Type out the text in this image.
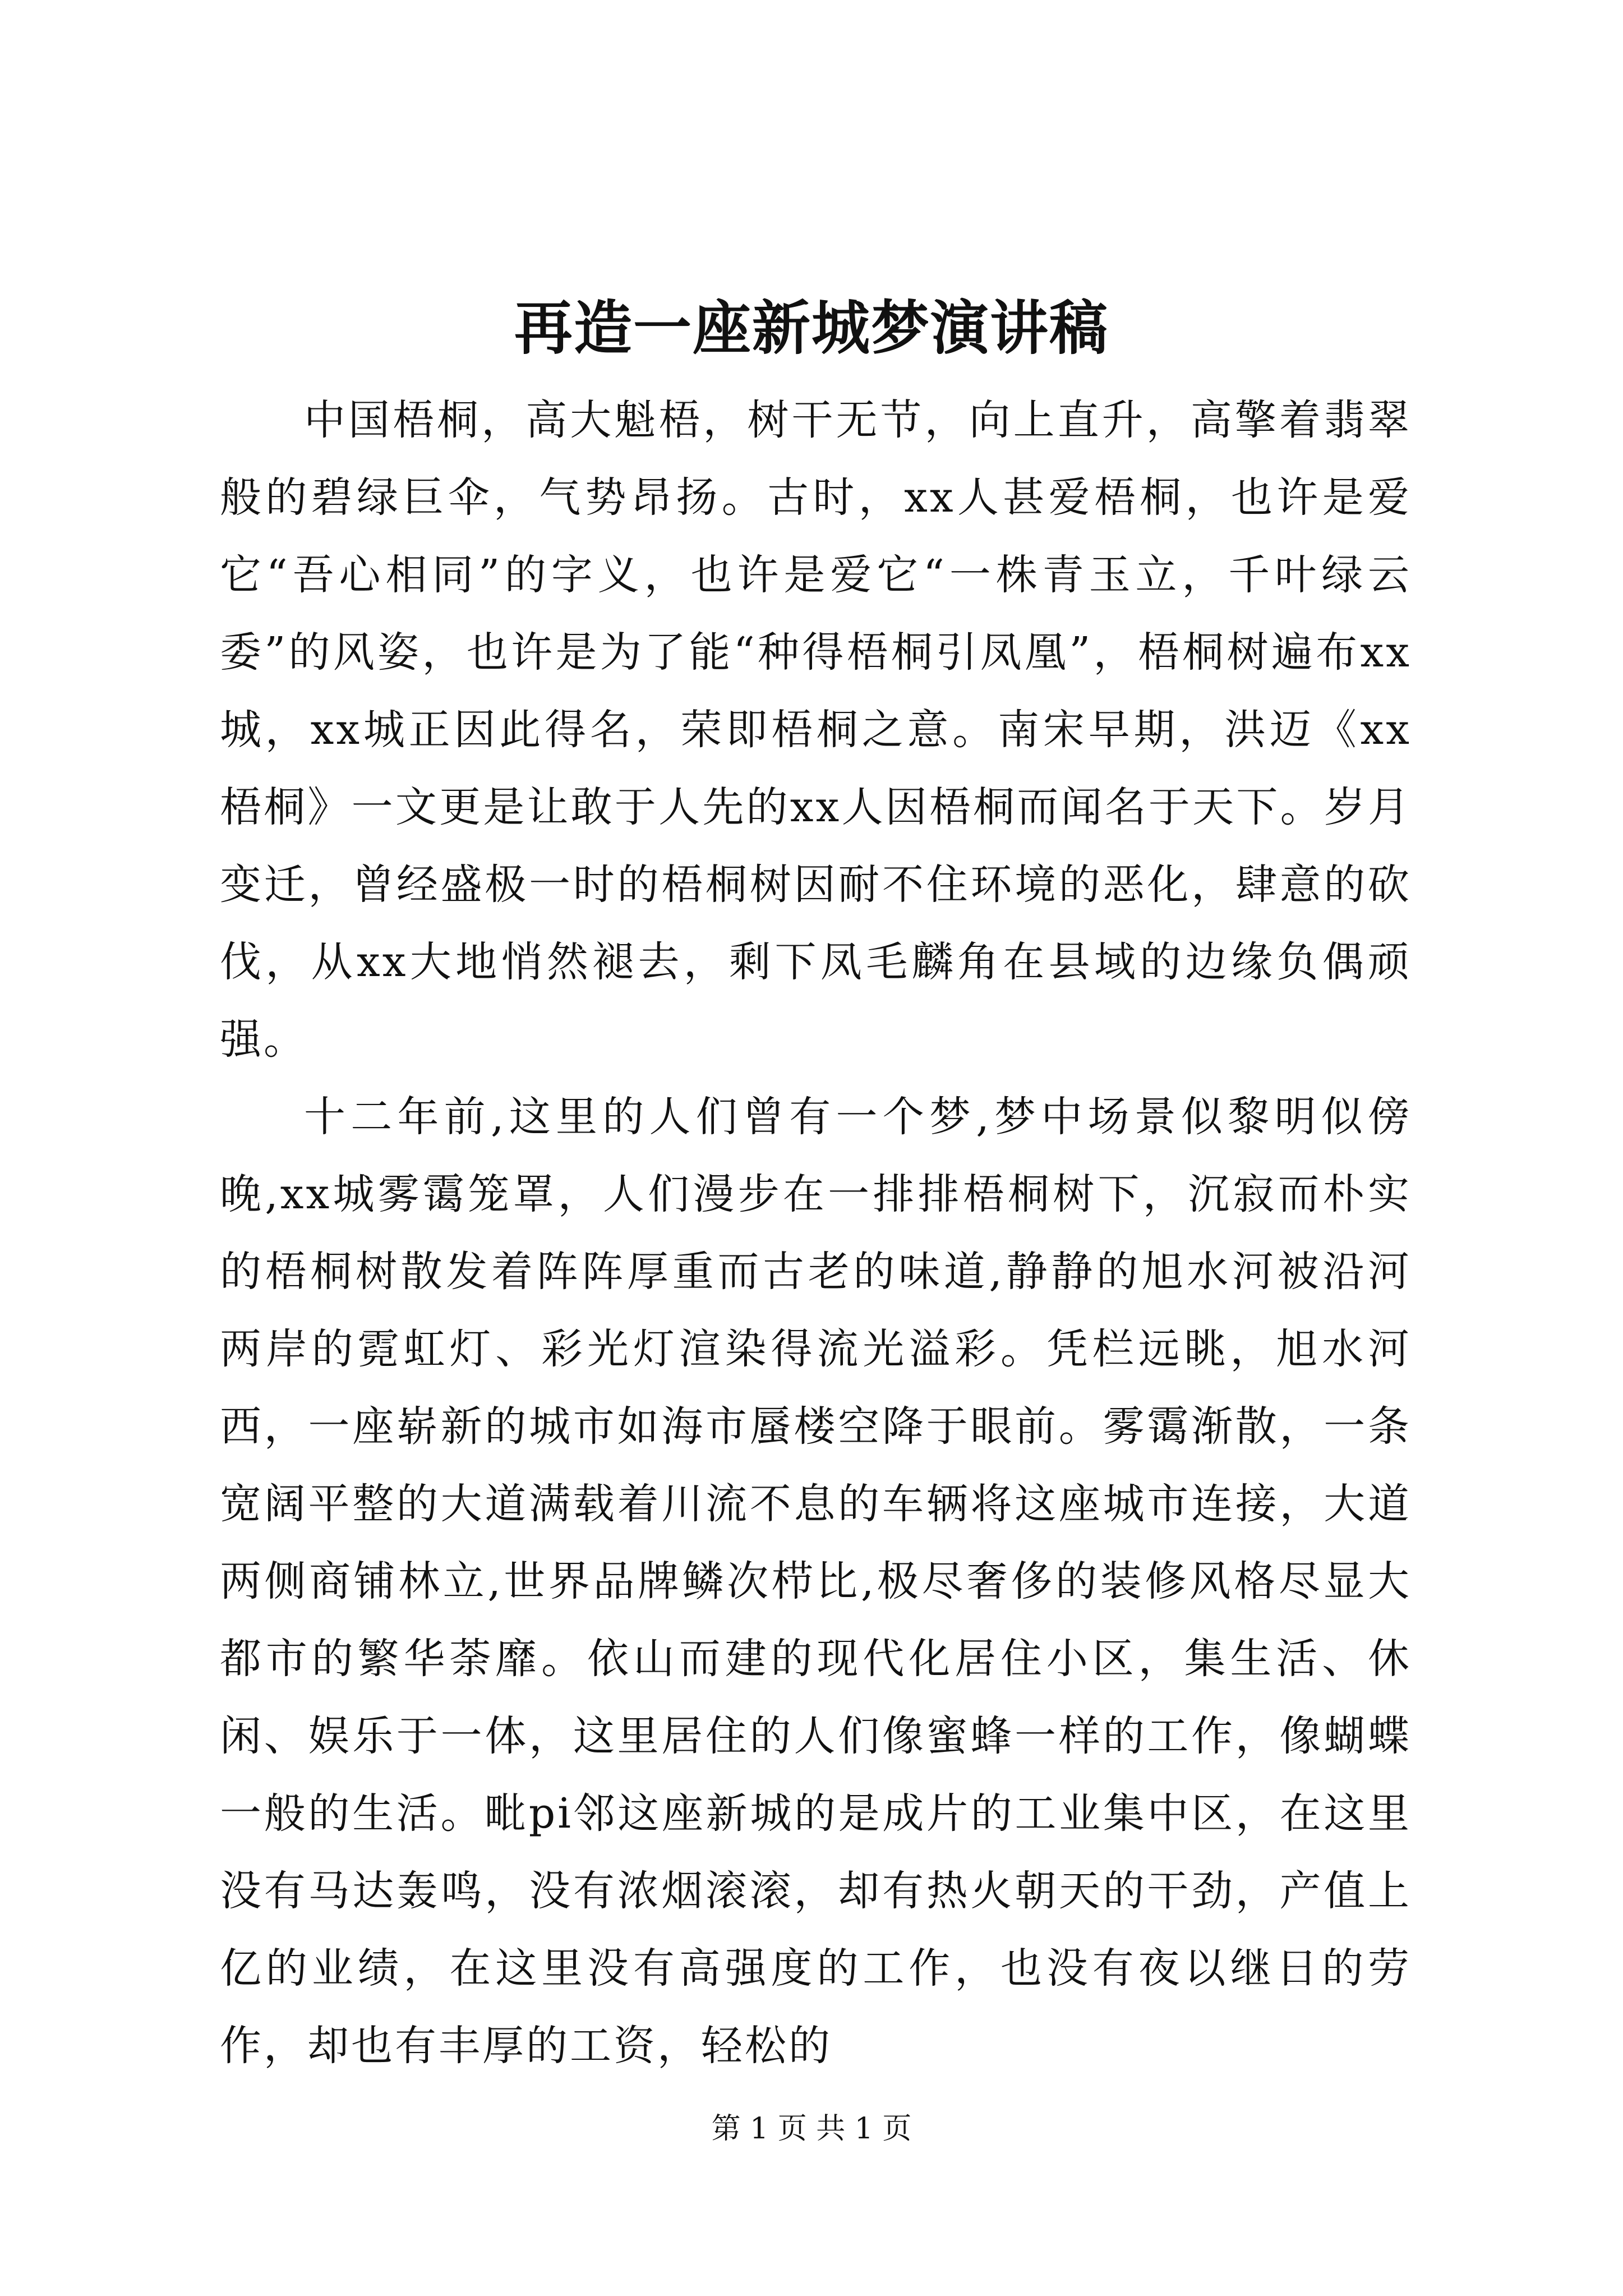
再造一座新城梦演讲稿

中国梧桐，高大魁梧，树干无节，向上直升，高擎着翡翠般的碧绿巨伞，气势昂扬。古时，xx人甚爱梧桐，也许是爱它“吾心相同”的字义，也许是爱它“一株青玉立，千叶绿云委”的风姿，也许是为了能“种得梧桐引凤凰”，梧桐树遍布xx城，xx城正因此得名，荣即梧桐之意。南宋早期，洪迈《xx梧桐》一文更是让敢于人先的xx人因梧桐而闻名于天下。岁月变迁，曾经盛极一时的梧桐树因耐不住环境的恶化，肆意的砍伐，从xx大地悄然褪去，剩下凤毛麟角在县域的边缘负偶顽强。

十二年前,这里的人们曾有一个梦,梦中场景似黎明似傍晚,xx城雾霭笼罩，人们漫步在一排排梧桐树下，沉寂而朴实的梧桐树散发着阵阵厚重而古老的味道,静静的旭水河被沿河两岸的霓虹灯、彩光灯渲染得流光溢彩。凭栏远眺，旭水河西，一座崭新的城市如海市蜃楼空降于眼前。雾霭渐散，一条宽阔平整的大道满载着川流不息的车辆将这座城市连接，大道两侧商铺林立,世界品牌鳞次栉比,极尽奢侈的装修风格尽显大都市的繁华荼靡。依山而建的现代化居住小区，集生活、休闲、娱乐于一体，这里居住的人们像蜜蜂一样的工作，像蝴蝶一般的生活。毗pi邻这座新城的是成片的工业集中区，在这里没有马达轰鸣，没有浓烟滚滚，却有热火朝天的干劲，产值上亿的业绩，在这里没有高强度的工作，也没有夜以继日的劳作，却也有丰厚的工资，轻松的

第 1 页 共 1 页
